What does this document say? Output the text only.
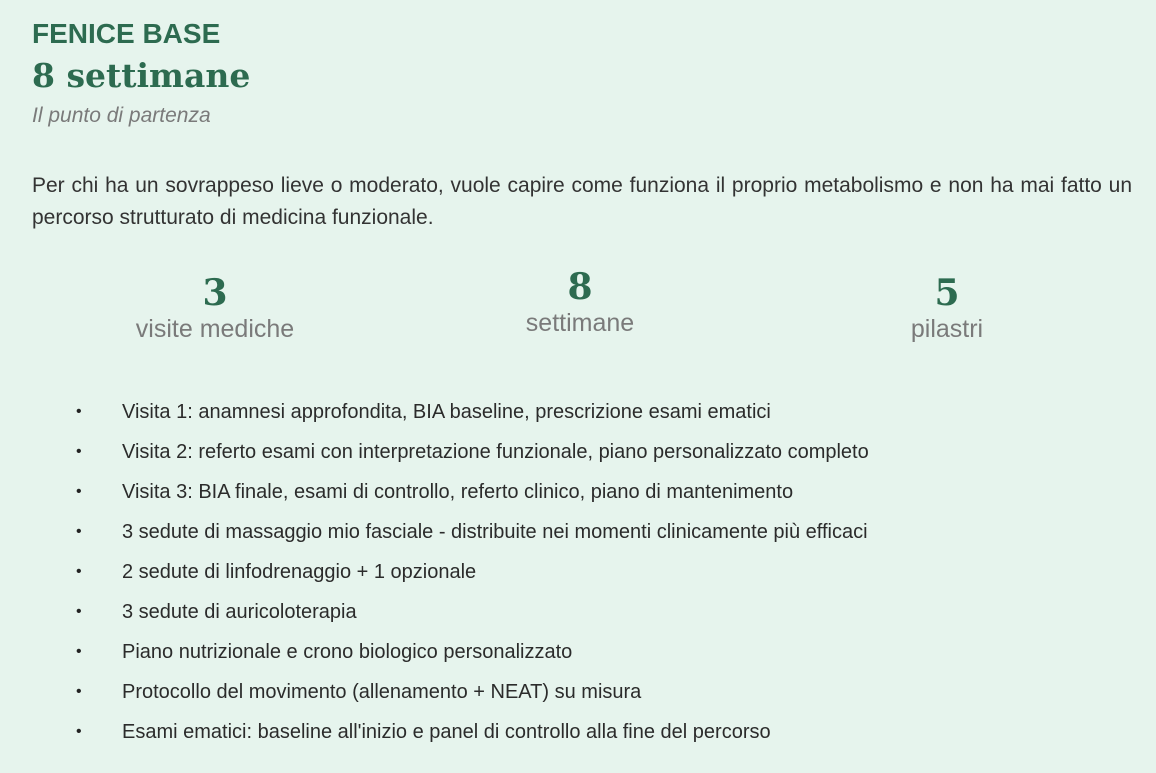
FENICE BASE
8 settimane
Il punto di partenza
Per chi ha un sovrappeso lieve o moderato, vuole capire come funziona il proprio metabolismo e non ha mai fatto un percorso strutturato di medicina funzionale.
3
visite mediche
8
settimane
5
pilastri
• Visita 1: anamnesi approfondita, BIA baseline, prescrizione esami ematici
• Visita 2: referto esami con interpretazione funzionale, piano personalizzato completo
• Visita 3: BIA finale, esami di controllo, referto clinico, piano di mantenimento
• 3 sedute di massaggio mio fasciale - distribuite nei momenti clinicamente più efficaci
• 2 sedute di linfodrenaggio + 1 opzionale
• 3 sedute di auricoloterapia
• Piano nutrizionale e crono biologico personalizzato
• Protocollo del movimento (allenamento + NEAT) su misura
• Esami ematici: baseline all'inizio e panel di controllo alla fine del percorso
